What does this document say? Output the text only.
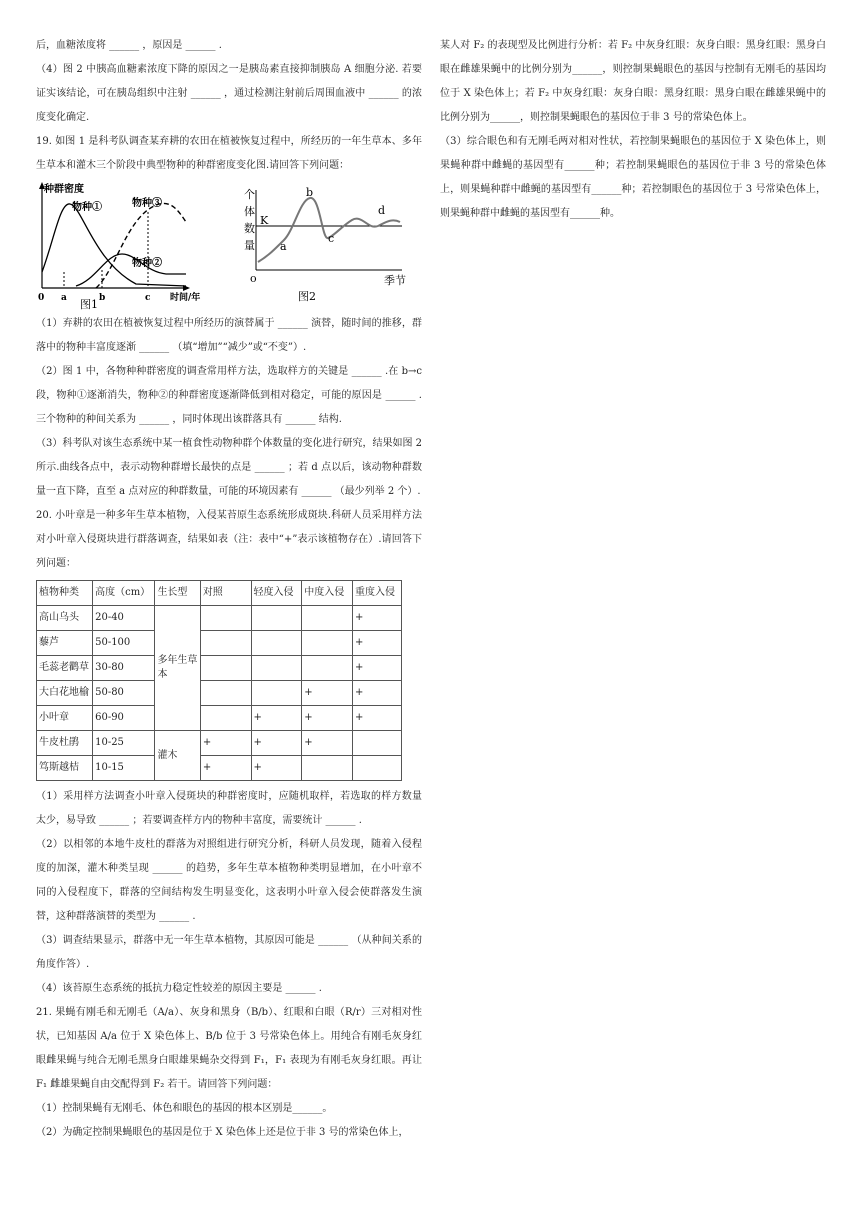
后，血糖浓度将 ______ ，原因是 ______ .

（4）图 2 中胰高血糖素浓度下降的原因之一是胰岛素直接抑制胰岛 A 细胞分泌. 若要证实该结论，可在胰岛组织中注射 ______ ，通过检测注射前后周围血液中 ______ 的浓度变化确定.

19. 如图 1 是科考队调查某弃耕的农田在植被恢复过程中，所经历的一年生草本、多年生草本和灌木三个阶段中典型物种的种群密度变化图.请回答下列问题：

种群密度
物种①
物种②
物种③
0 a	b	c 时间/年
图1
个
体
数
量
K
a
b
c
d
o	季节
图2

（1）弃耕的农田在植被恢复过程中所经历的演替属于 ______ 演替，随时间的推移，群落中的物种丰富度逐渐 ______ （填“增加”“减少”或“不变”）.

（2）图 1 中，各物种种群密度的调查常用样方法，选取样方的关键是 ______ .在 b→c 段，物种①逐渐消失，物种②的种群密度逐渐降低到相对稳定，可能的原因是 ______ .三个物种的种间关系为 ______ ，同时体现出该群落具有 ______ 结构.

（3）科考队对该生态系统中某一植食性动物种群个体数量的变化进行研究，结果如图 2 所示.曲线各点中，表示动物种群增长最快的点是 ______ ；若 d 点以后，该动物种群数量一直下降，直至 a 点对应的种群数量，可能的环境因素有 ______ （最少列举 2 个）.

20. 小叶章是一种多年生草本植物，入侵某苔原生态系统形成斑块.科研人员采用样方法对小叶章入侵斑块进行群落调查，结果如表（注：表中“+”表示该植物存在）.请回答下列问题：

植物种类	高度（cm）	生长型	对照	轻度入侵	中度入侵	重度入侵
高山乌头	20-40	多年生草本				+
藜芦	50-100					+
毛蕊老鹳草	30-80					+
大白花地榆	50-80				+	+
小叶章	60-90			+	+	+
牛皮杜鹃	10-25	灌木	+	+	+	
笃斯越桔	10-15		+	+		

（1）采用样方法调查小叶章入侵斑块的种群密度时，应随机取样，若选取的样方数量太少，易导致 ______ ；若要调查样方内的物种丰富度，需要统计 ______ .

（2）以相邻的本地牛皮杜的群落为对照组进行研究分析，科研人员发现，随着入侵程度的加深，灌木种类呈现 ______ 的趋势，多年生草本植物种类明显增加，在小叶章不同的入侵程度下，群落的空间结构发生明显变化，这表明小叶章入侵会使群落发生演替，这种群落演替的类型为 ______ .

（3）调查结果显示，群落中无一年生草本植物，其原因可能是 ______ （从种间关系的角度作答）.

（4）该苔原生态系统的抵抗力稳定性较差的原因主要是 ______ .

21. 果蝇有刚毛和无刚毛（A/a）、灰身和黑身（B/b）、红眼和白眼（R/r）三对相对性状，已知基因 A/a 位于 X 染色体上、B/b 位于 3 号常染色体上。用纯合有刚毛灰身红眼雌果蝇与纯合无刚毛黑身白眼雄果蝇杂交得到 F₁，F₁ 表现为有刚毛灰身红眼。再让 F₁ 雌雄果蝇自由交配得到 F₂ 若干。请回答下列问题：

（1）控制果蝇有无刚毛、体色和眼色的基因的根本区别是______。

（2）为确定控制果蝇眼色的基因是位于 X 染色体上还是位于非 3 号的常染色体上，

某人对 F₂ 的表现型及比例进行分析：若 F₂ 中灰身红眼：灰身白眼：黑身红眼：黑身白眼在雌雄果蝇中的比例分别为______，则控制果蝇眼色的基因与控制有无刚毛的基因均位于 X 染色体上；若 F₂ 中灰身红眼：灰身白眼：黑身红眼：黑身白眼在雌雄果蝇中的比例分别为______，则控制果蝇眼色的基因位于非 3 号的常染色体上。

（3）综合眼色和有无刚毛两对相对性状，若控制果蝇眼色的基因位于 X 染色体上，则果蝇种群中雌蝇的基因型有______种；若控制果蝇眼色的基因位于非 3 号的常染色体上，则果蝇种群中雌蝇的基因型有______种；若控制眼色的基因位于 3 号常染色体上，则果蝇种群中雌蝇的基因型有______种。
